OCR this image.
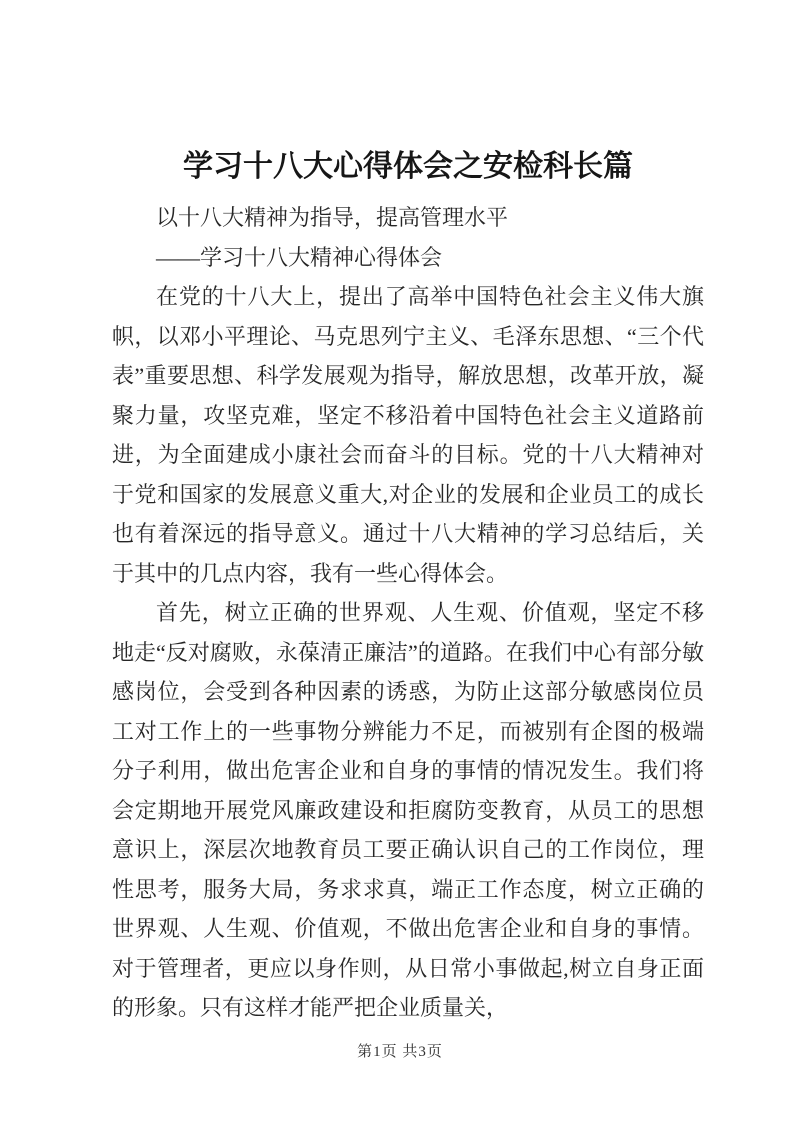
学习十八大心得体会之安检科长篇

以十八大精神为指导，提高管理水平

——学习十八大精神心得体会

在党的十八大上，提出了高举中国特色社会主义伟大旗帜，以邓小平理论、马克思列宁主义、毛泽东思想、“三个代表”重要思想、科学发展观为指导，解放思想，改革开放，凝聚力量，攻坚克难，坚定不移沿着中国特色社会主义道路前进，为全面建成小康社会而奋斗的目标。党的十八大精神对于党和国家的发展意义重大,对企业的发展和企业员工的成长也有着深远的指导意义。通过十八大精神的学习总结后，关于其中的几点内容，我有一些心得体会。

首先，树立正确的世界观、人生观、价值观，坚定不移地走“反对腐败，永葆清正廉洁”的道路。在我们中心有部分敏感岗位，会受到各种因素的诱惑，为防止这部分敏感岗位员工对工作上的一些事物分辨能力不足，而被别有企图的极端分子利用，做出危害企业和自身的事情的情况发生。我们将会定期地开展党风廉政建设和拒腐防变教育，从员工的思想意识上，深层次地教育员工要正确认识自己的工作岗位，理性思考，服务大局，务求求真，端正工作态度，树立正确的世界观、人生观、价值观，不做出危害企业和自身的事情。对于管理者，更应以身作则，从日常小事做起,树立自身正面的形象。只有这样才能严把企业质量关，

第1页 共3页
